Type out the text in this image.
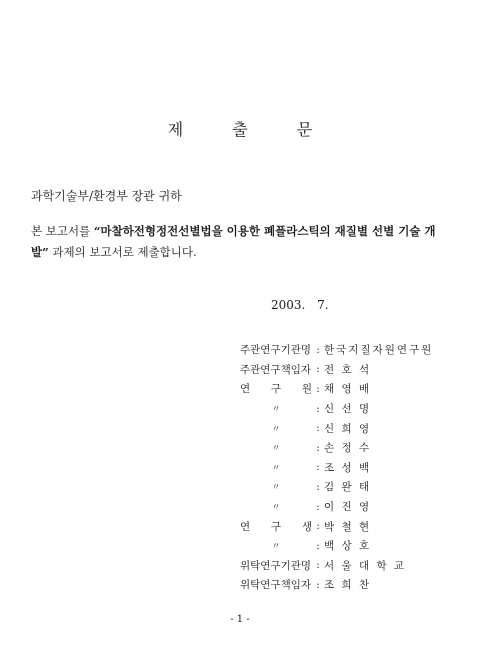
제 출 문
과학기술부/환경부 장관 귀하
본 보고서를 “마찰하전형정전선별법을 이용한 폐플라스틱의 재질별 선별 기술 개발” 과제의 보고서로 제출합니다.
2003. 7.
주관연구기관명 : 한국지질자원연구원
주관연구책임자 : 전 호 석
연 구 원 : 채 영 배
〃	: 신 선 명
〃	: 신 희 영
〃	: 손 정 수
〃	: 조 성 백
〃	: 김 완 태
〃	: 이 진 영
연 구 생 : 박 철 현
〃	: 백 상 호
위탁연구기관명 : 서 울 대 학 교
위탁연구책임자 : 조 희 찬
- 1 -
